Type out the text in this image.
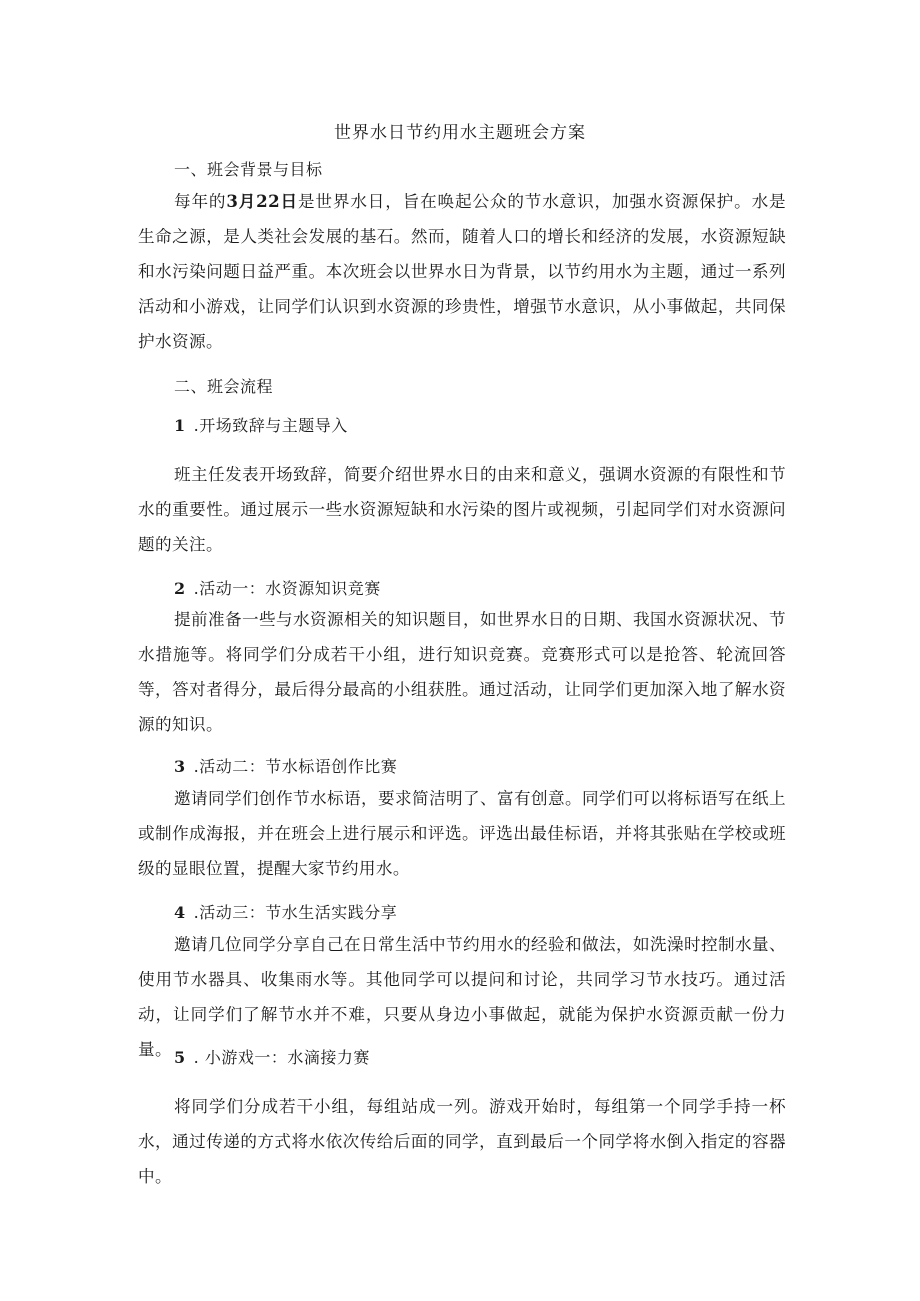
世界水日节约用水主题班会方案
一、班会背景与目标

每年的3月22日是世界水日，旨在唤起公众的节水意识，加强水资源保护。水是生命之源，是人类社会发展的基石。然而，随着人口的增长和经济的发展，水资源短缺和水污染问题日益严重。本次班会以世界水日为背景，以节约用水为主题，通过一系列活动和小游戏，让同学们认识到水资源的珍贵性，增强节水意识，从小事做起，共同保护水资源。

二、班会流程
1 .开场致辞与主题导入

班主任发表开场致辞，简要介绍世界水日的由来和意义，强调水资源的有限性和节水的重要性。通过展示一些水资源短缺和水污染的图片或视频，引起同学们对水资源问题的关注。

2 .活动一：水资源知识竞赛

提前准备一些与水资源相关的知识题目，如世界水日的日期、我国水资源状况、节水措施等。将同学们分成若干小组，进行知识竞赛。竞赛形式可以是抢答、轮流回答等，答对者得分，最后得分最高的小组获胜。通过活动，让同学们更加深入地了解水资源的知识。

3 .活动二：节水标语创作比赛

邀请同学们创作节水标语，要求简洁明了、富有创意。同学们可以将标语写在纸上或制作成海报，并在班会上进行展示和评选。评选出最佳标语，并将其张贴在学校或班级的显眼位置，提醒大家节约用水。

4 .活动三：节水生活实践分享

邀请几位同学分享自己在日常生活中节约用水的经验和做法，如洗澡时控制水量、使用节水器具、收集雨水等。其他同学可以提问和讨论，共同学习节水技巧。通过活动，让同学们了解节水并不难，只要从身边小事做起，就能为保护水资源贡献一份力量。 5 . 小游戏一：水滴接力赛

将同学们分成若干小组，每组站成一列。游戏开始时，每组第一个同学手持一杯水，通过传递的方式将水依次传给后面的同学，直到最后一个同学将水倒入指定的容器中。
